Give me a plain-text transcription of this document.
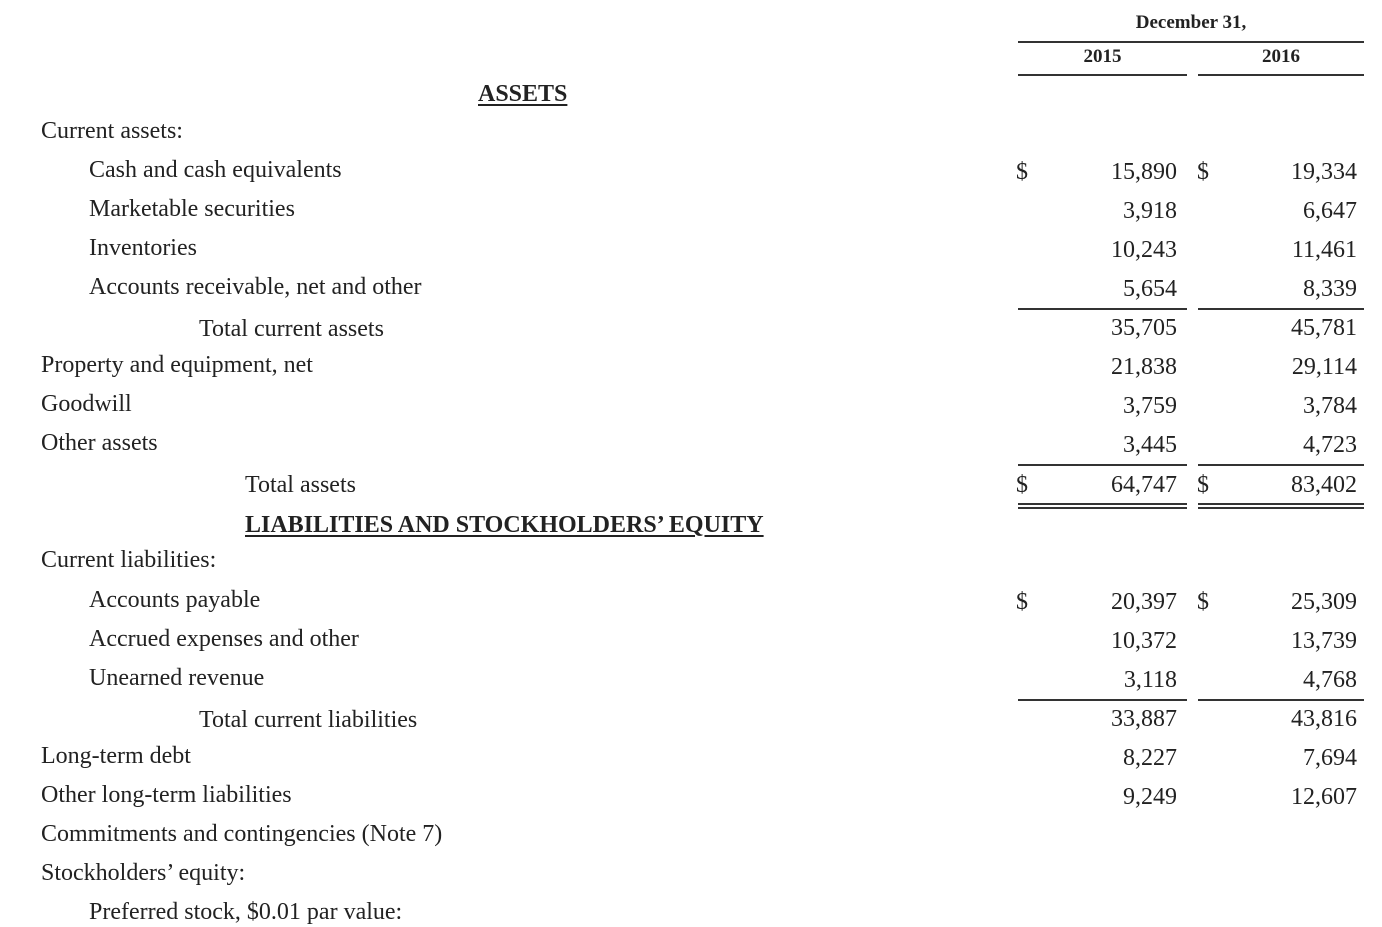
December 31,
2015	2016
ASSETS
Current assets:
Cash and cash equivalents	$	15,890 $	19,334
Marketable securities	3,918	6,647
Inventories	10,243	11,461
Accounts receivable, net and other	5,654	8,339
Total current assets	35,705	45,781
Property and equipment, net	21,838	29,114
Goodwill	3,759	3,784
Other assets	3,445	4,723
Total assets	$	64,747 $	83,402
LIABILITIES AND STOCKHOLDERS’ EQUITY
Current liabilities:
Accounts payable	$	20,397 $	25,309
Accrued expenses and other	10,372	13,739
Unearned revenue	3,118	4,768
Total current liabilities	33,887	43,816
Long-term debt	8,227	7,694
Other long-term liabilities	9,249	12,607
Commitments and contingencies (Note 7)
Stockholders’ equity:
Preferred stock, $0.01 par value:
